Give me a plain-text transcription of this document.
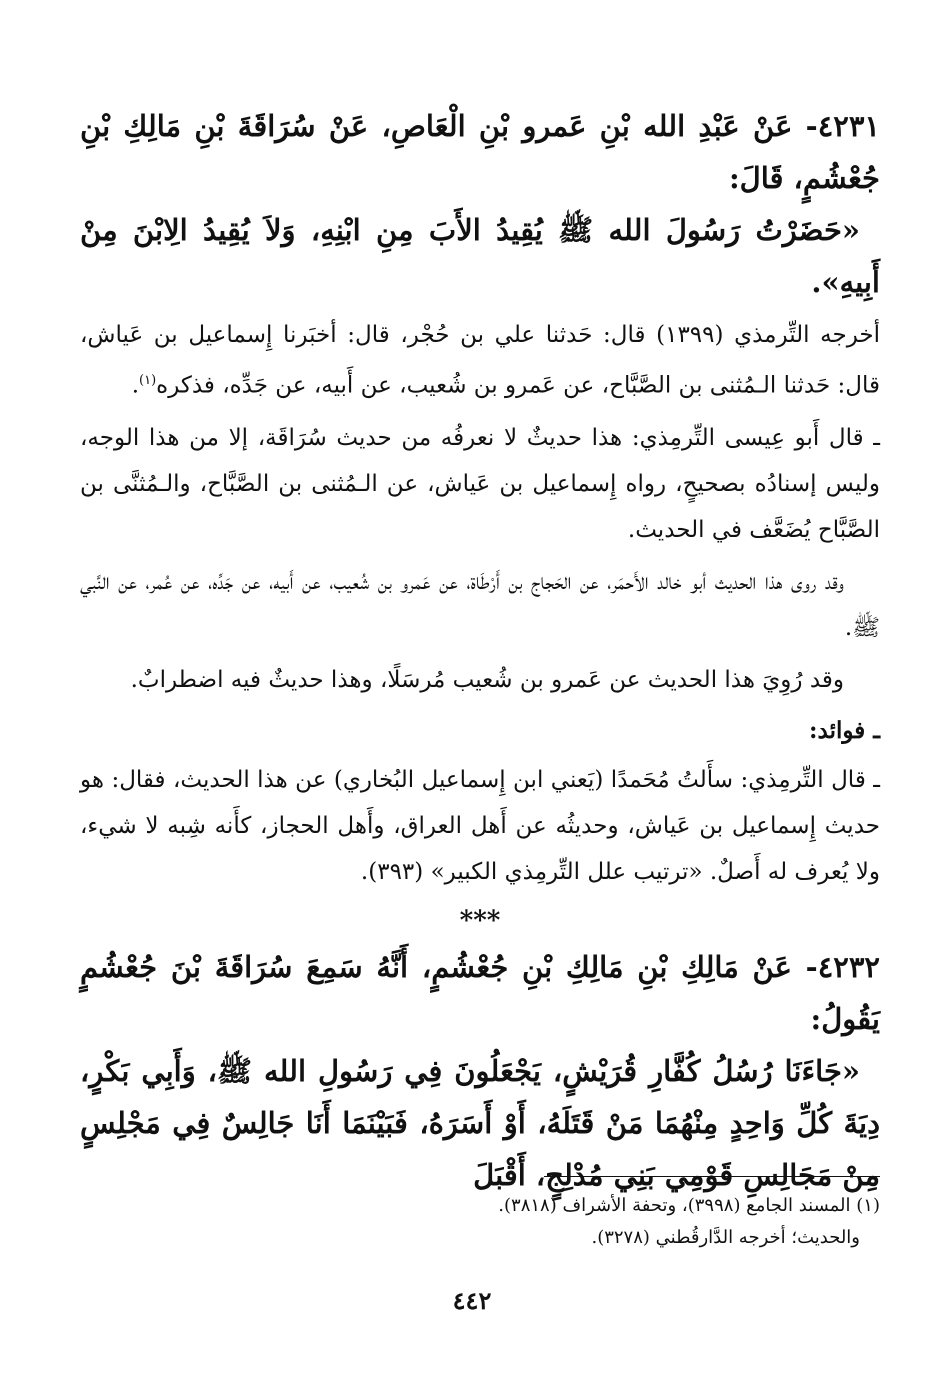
٤٢٣١- عَنْ عَبْدِ الله بْنِ عَمرو بْنِ الْعَاصِ، عَنْ سُرَاقَةَ بْنِ مَالِكِ بْنِ جُعْشُمٍ، قَالَ:

«حَضَرْتُ رَسُولَ الله ﷺ يُقِيدُ الأَبَ مِنِ ابْنِهِ، وَلاَ يُقِيدُ الِابْنَ مِنْ أَبِيهِ».

أخرجه التِّرمذي (١٣٩٩) قال: حَدثنا علي بن حُجْر، قال: أخبَرنا إِسماعيل بن عَياش، قال: حَدثنا الـمُثنى بن الصَّبَّاح، عن عَمرو بن شُعيب، عن أَبيه، عن جَدِّه، فذكره$^{(١)}$.

ـ قال أَبو عِيسى التِّرمِذي: هذا حديثٌ لا نعرفُه من حديث سُرَاقَة، إلا من هذا الوجه، وليس إسنادُه بصحيحٍ، رواه إِسماعيل بن عَياش، عن الـمُثنى بن الصَّبَّاح، والـمُثنَّى بن الصَّبَّاح يُضَعَّف في الحديث.

وقد روى هذا الحديث أبو خالد الأَحمَر، عن الحَجاج بن أَرْطَاة، عن عَمرو بن شُعيب، عن أَبيه، عن جَدِّه، عن عُمر، عن النَّبي ﷺ.

وقد رُوِيَ هذا الحديث عن عَمرو بن شُعيب مُرسَلًا، وهذا حديثٌ فيه اضطرابٌ.

ـ فوائد:

ـ قال التِّرمِذي: سأَلتُ مُحَمدًا (يَعني ابن إِسماعيل البُخاري) عن هذا الحديث، فقال: هو حديث إِسماعيل بن عَياش، وحديثُه عن أَهل العراق، وأَهل الحجاز، كأَنه شِبه لا شيء، ولا يُعرف له أَصلٌ. «ترتيب علل التِّرمِذي الكبير» (٣٩٣).

***

٤٢٣٢- عَنْ مَالِكِ بْنِ مَالِكِ بْنِ جُعْشُمٍ، أَنَّهُ سَمِعَ سُرَاقَةَ بْنَ جُعْشُمٍ يَقُولُ:

«جَاءَنَا رُسُلُ كُفَّارِ قُرَيْشٍ، يَجْعَلُونَ فِي رَسُولِ الله ﷺ، وَأَبِي بَكْرٍ، دِيَةَ كُلِّ وَاحِدٍ مِنْهُمَا مَنْ قَتَلَهُ، أَوْ أَسَرَهُ، فَبَيْنَمَا أَنَا جَالِسٌ فِي مَجْلِسٍ مِنْ مَجَالِسِ قَوْمِي بَنِي مُدْلِجٍ، أَقْبَلَ

(١) المسند الجامع (٣٩٩٨)، وتحفة الأشراف (٣٨١٨).

والحديث؛ أخرجه الدَّارقُطني (٣٢٧٨).

٤٤٢
